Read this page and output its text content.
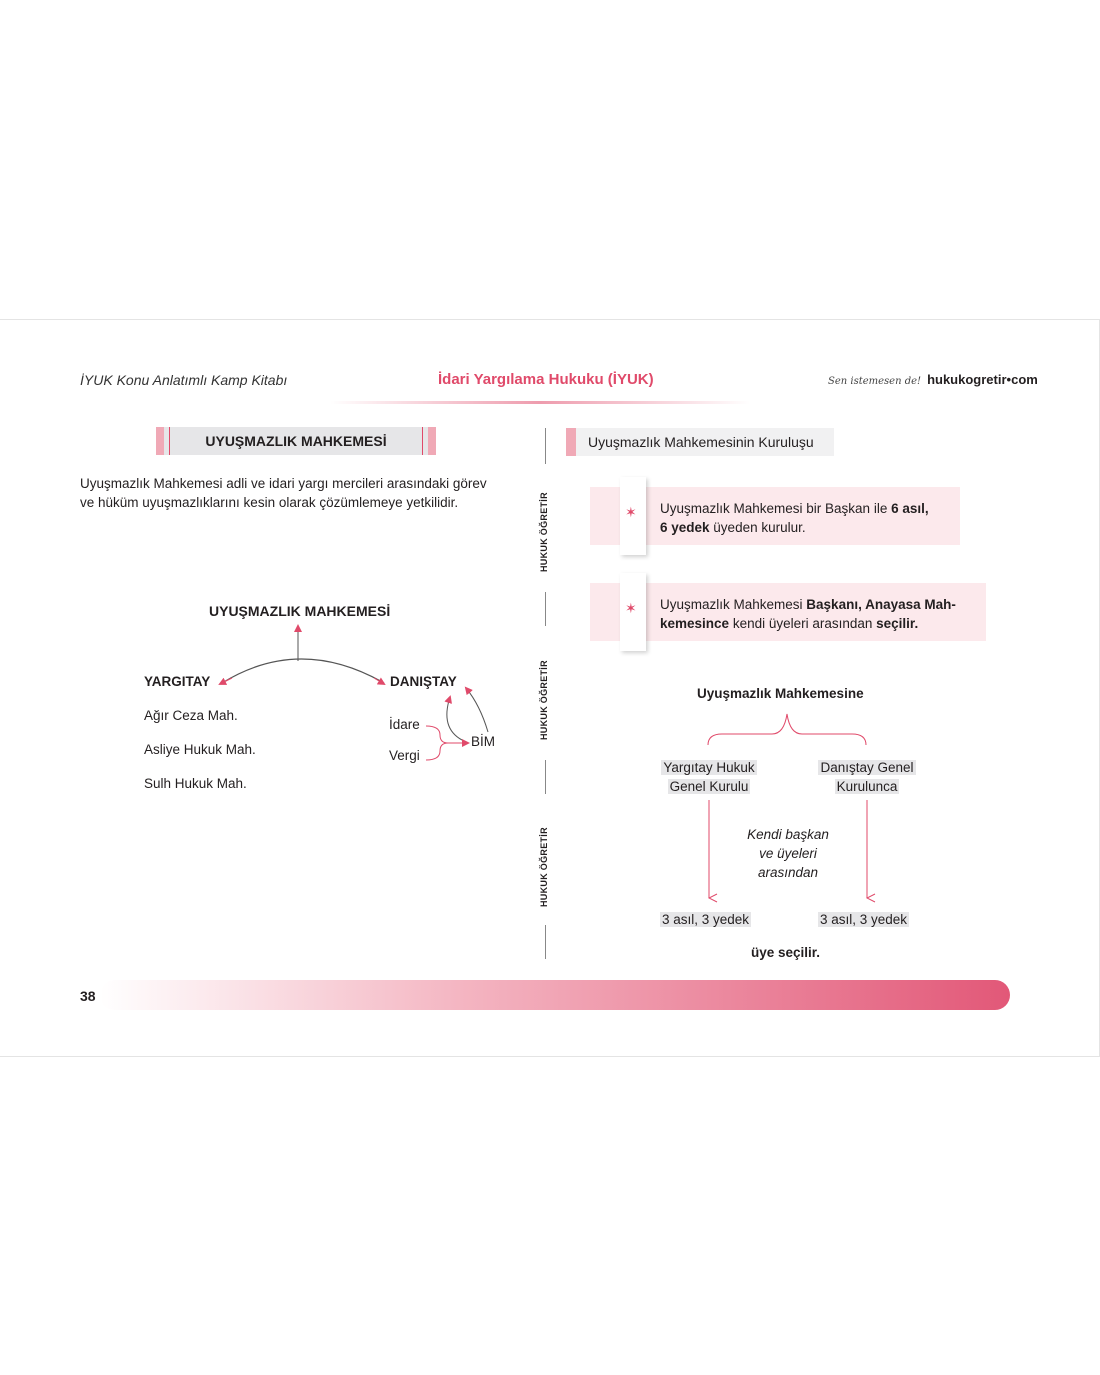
İYUK Konu Anlatımlı Kamp Kitabı	İdari Yargılama Hukuku (İYUK)	Sen istemesen de! hukukogretir•com
UYUŞMAZLIK MAHKEMESİ
Uyuşmazlık Mahkemesi adli ve idari yargı mercileri arasındaki görev
ve hüküm uyuşmazlıklarını kesin olarak çözümlemeye yetkilidir.
UYUŞMAZLIK MAHKEMESİ
YARGITAY	DANIŞTAY
Ağır Ceza Mah.
Asliye Hukuk Mah.
Sulh Hukuk Mah.
İdare
Vergi
BİM
HUKUK ÖĞRETİR
HUKUK ÖĞRETİR
HUKUK ÖĞRETİR
Uyuşmazlık Mahkemesinin Kuruluşu
✶ Uyuşmazlık Mahkemesi bir Başkan ile 6 asıl,
6 yedek üyeden kurulur.
✶ Uyuşmazlık Mahkemesi Başkanı, Anayasa Mah-
kemesince kendi üyeleri arasından seçilir.
Uyuşmazlık Mahkemesine
Yargıtay Hukuk
Genel Kurulu
Danıştay Genel
Kurulunca
Kendi başkan
ve üyeleri
arasından
3 asıl, 3 yedek	3 asıl, 3 yedek
üye seçilir.
38
